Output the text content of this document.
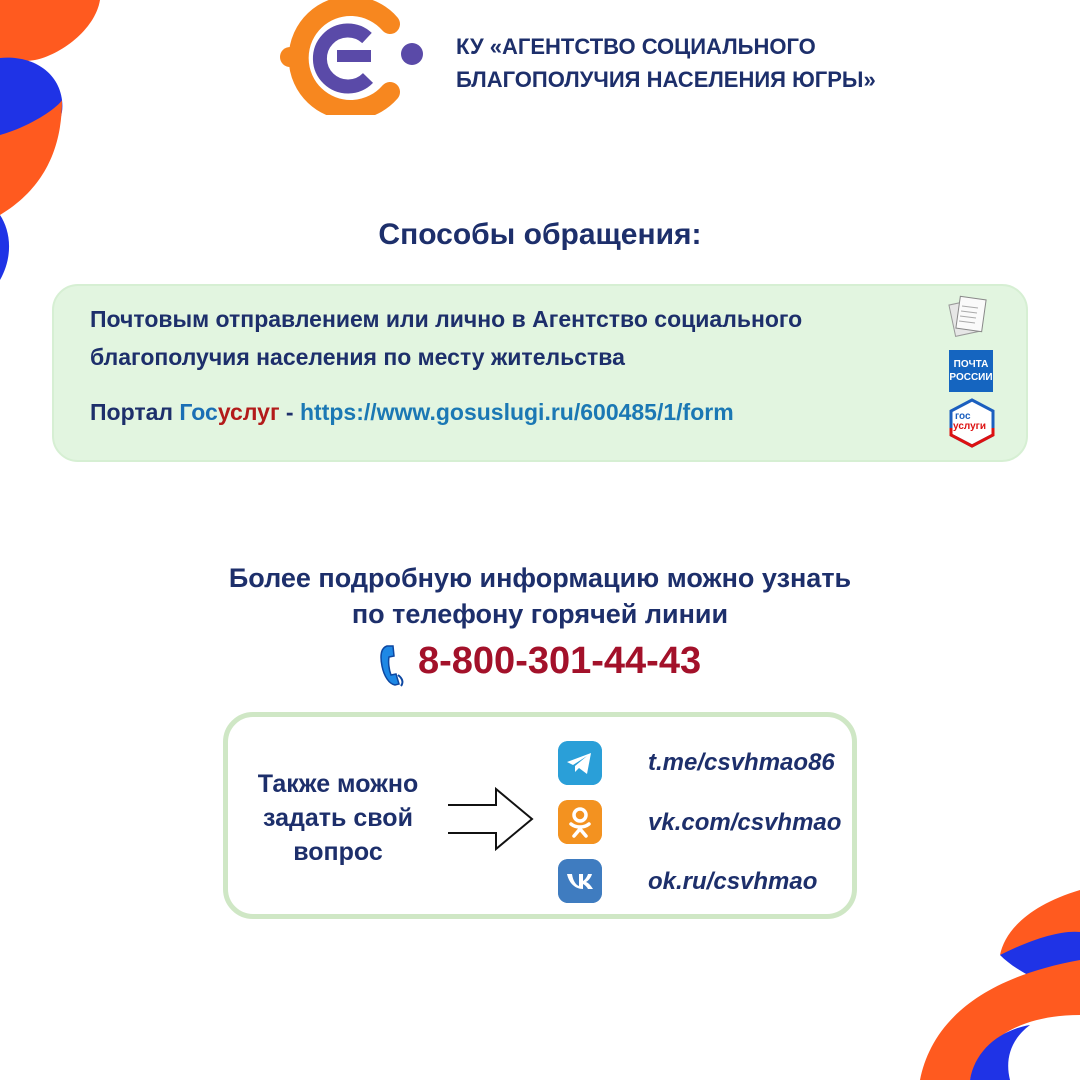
КУ «АГЕНТСТВО СОЦИАЛЬНОГО
БЛАГОПОЛУЧИЯ НАСЕЛЕНИЯ ЮГРЫ»
Способы обращения:
Почтовым отправлением или лично в Агентство социального
благополучия населения по месту жительства
Портал Госуслуг - https://www.gosuslugi.ru/600485/1/form
ПОЧТА
РОССИИ
гос
услуги
Более подробную информацию можно узнать
по телефону горячей линии
8-800-301-44-43
Также можно
задать свой
вопрос
t.me/csvhmao86
vk.com/csvhmao
ok.ru/csvhmao
